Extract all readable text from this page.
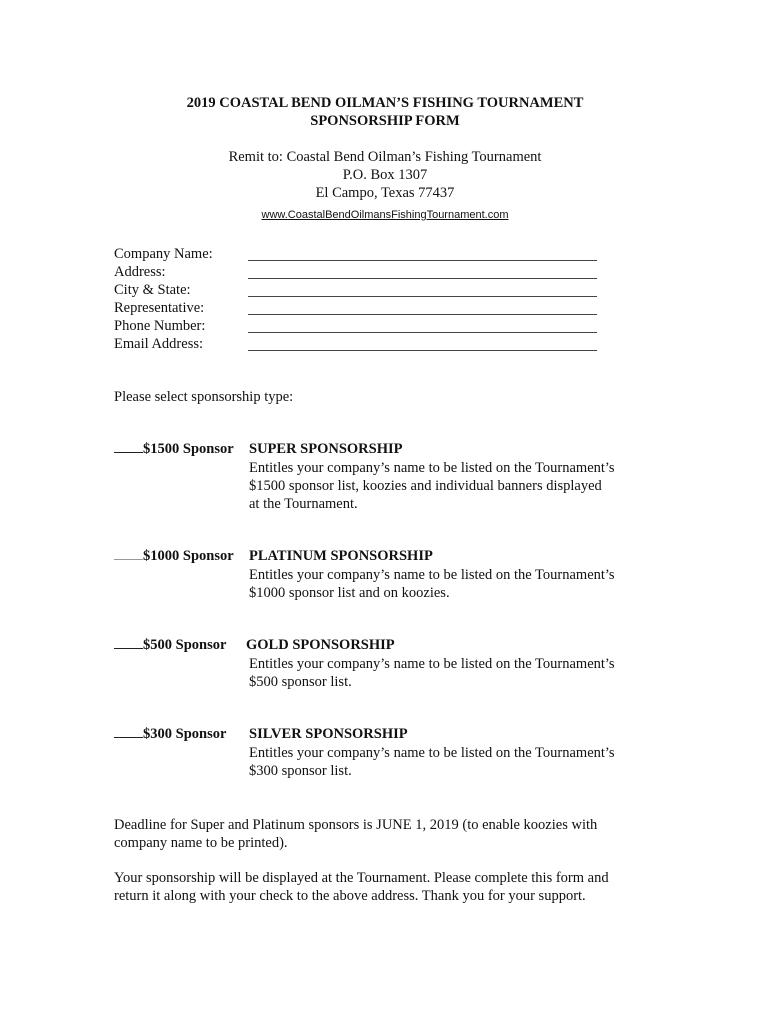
2019 COASTAL BEND OILMAN’S FISHING TOURNAMENT
SPONSORSHIP FORM
Remit to: Coastal Bend Oilman’s Fishing Tournament
P.O. Box 1307
El Campo, Texas 77437
www.CoastalBendOilmansFishingTournament.com
Company Name:
Address:
City & State:
Representative:
Phone Number:
Email Address:
Please select sponsorship type:
$1500 Sponsor SUPER SPONSORSHIP
Entitles your company’s name to be listed on the Tournament’s
$1500 sponsor list, koozies and individual banners displayed
at the Tournament.
$1000 Sponsor PLATINUM SPONSORSHIP
Entitles your company’s name to be listed on the Tournament’s
$1000 sponsor list and on koozies.
$500 Sponsor GOLD SPONSORSHIP
Entitles your company’s name to be listed on the Tournament’s
$500 sponsor list.
$300 Sponsor SILVER SPONSORSHIP
Entitles your company’s name to be listed on the Tournament’s
$300 sponsor list.
Deadline for Super and Platinum sponsors is JUNE 1, 2019 (to enable koozies with
company name to be printed).
Your sponsorship will be displayed at the Tournament. Please complete this form and
return it along with your check to the above address. Thank you for your support.
